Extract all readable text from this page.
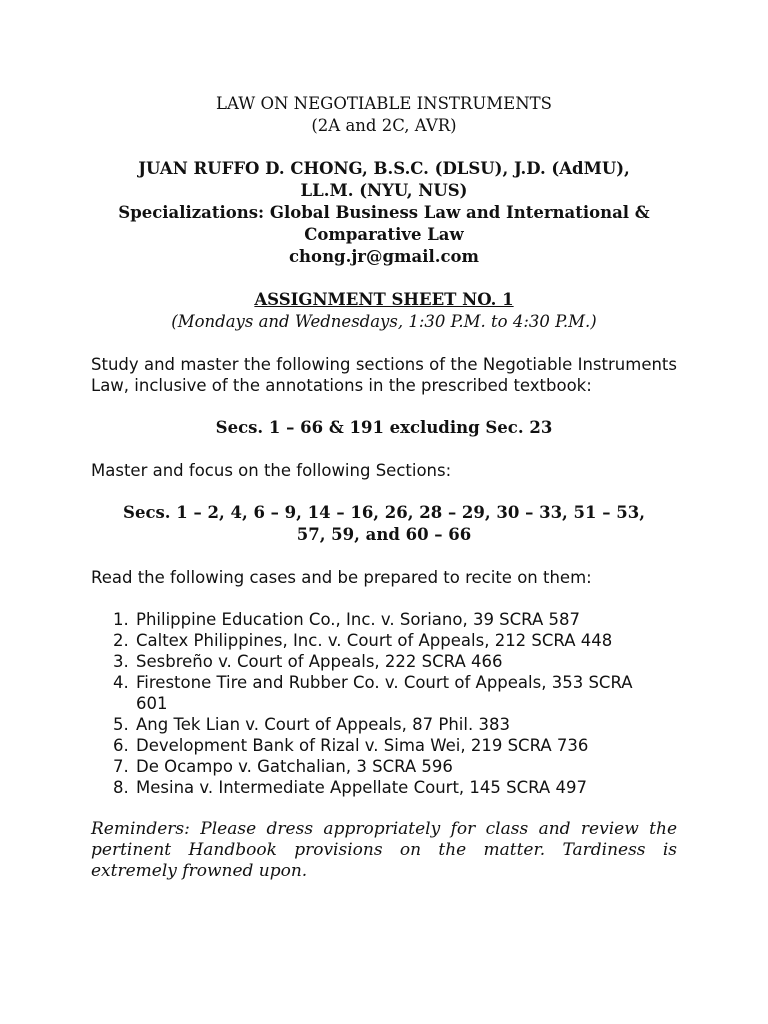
LAW ON NEGOTIABLE INSTRUMENTS
(2A and 2C, AVR)
JUAN RUFFO D. CHONG, B.S.C. (DLSU), J.D. (AdMU),
LL.M. (NYU, NUS)
Specializations: Global Business Law and International &
Comparative Law
chong.jr@gmail.com
ASSIGNMENT SHEET NO. 1
(Mondays and Wednesdays, 1:30 P.M. to 4:30 P.M.)
Study and master the following sections of the Negotiable Instruments Law, inclusive of the annotations in the prescribed textbook:
Secs. 1 – 66 & 191 excluding Sec. 23
Master and focus on the following Sections:
Secs. 1 – 2, 4, 6 – 9, 14 – 16, 26, 28 – 29, 30 – 33, 51 – 53,
57, 59, and 60 – 66
Read the following cases and be prepared to recite on them:
1. Philippine Education Co., Inc. v. Soriano, 39 SCRA 587
2. Caltex Philippines, Inc. v. Court of Appeals, 212 SCRA 448
3. Sesbreño v. Court of Appeals, 222 SCRA 466
4. Firestone Tire and Rubber Co. v. Court of Appeals, 353 SCRA 601
5. Ang Tek Lian v. Court of Appeals, 87 Phil. 383
6. Development Bank of Rizal v. Sima Wei, 219 SCRA 736
7. De Ocampo v. Gatchalian, 3 SCRA 596
8. Mesina v. Intermediate Appellate Court, 145 SCRA 497
Reminders: Please dress appropriately for class and review the pertinent Handbook provisions on the matter. Tardiness is extremely frowned upon.
